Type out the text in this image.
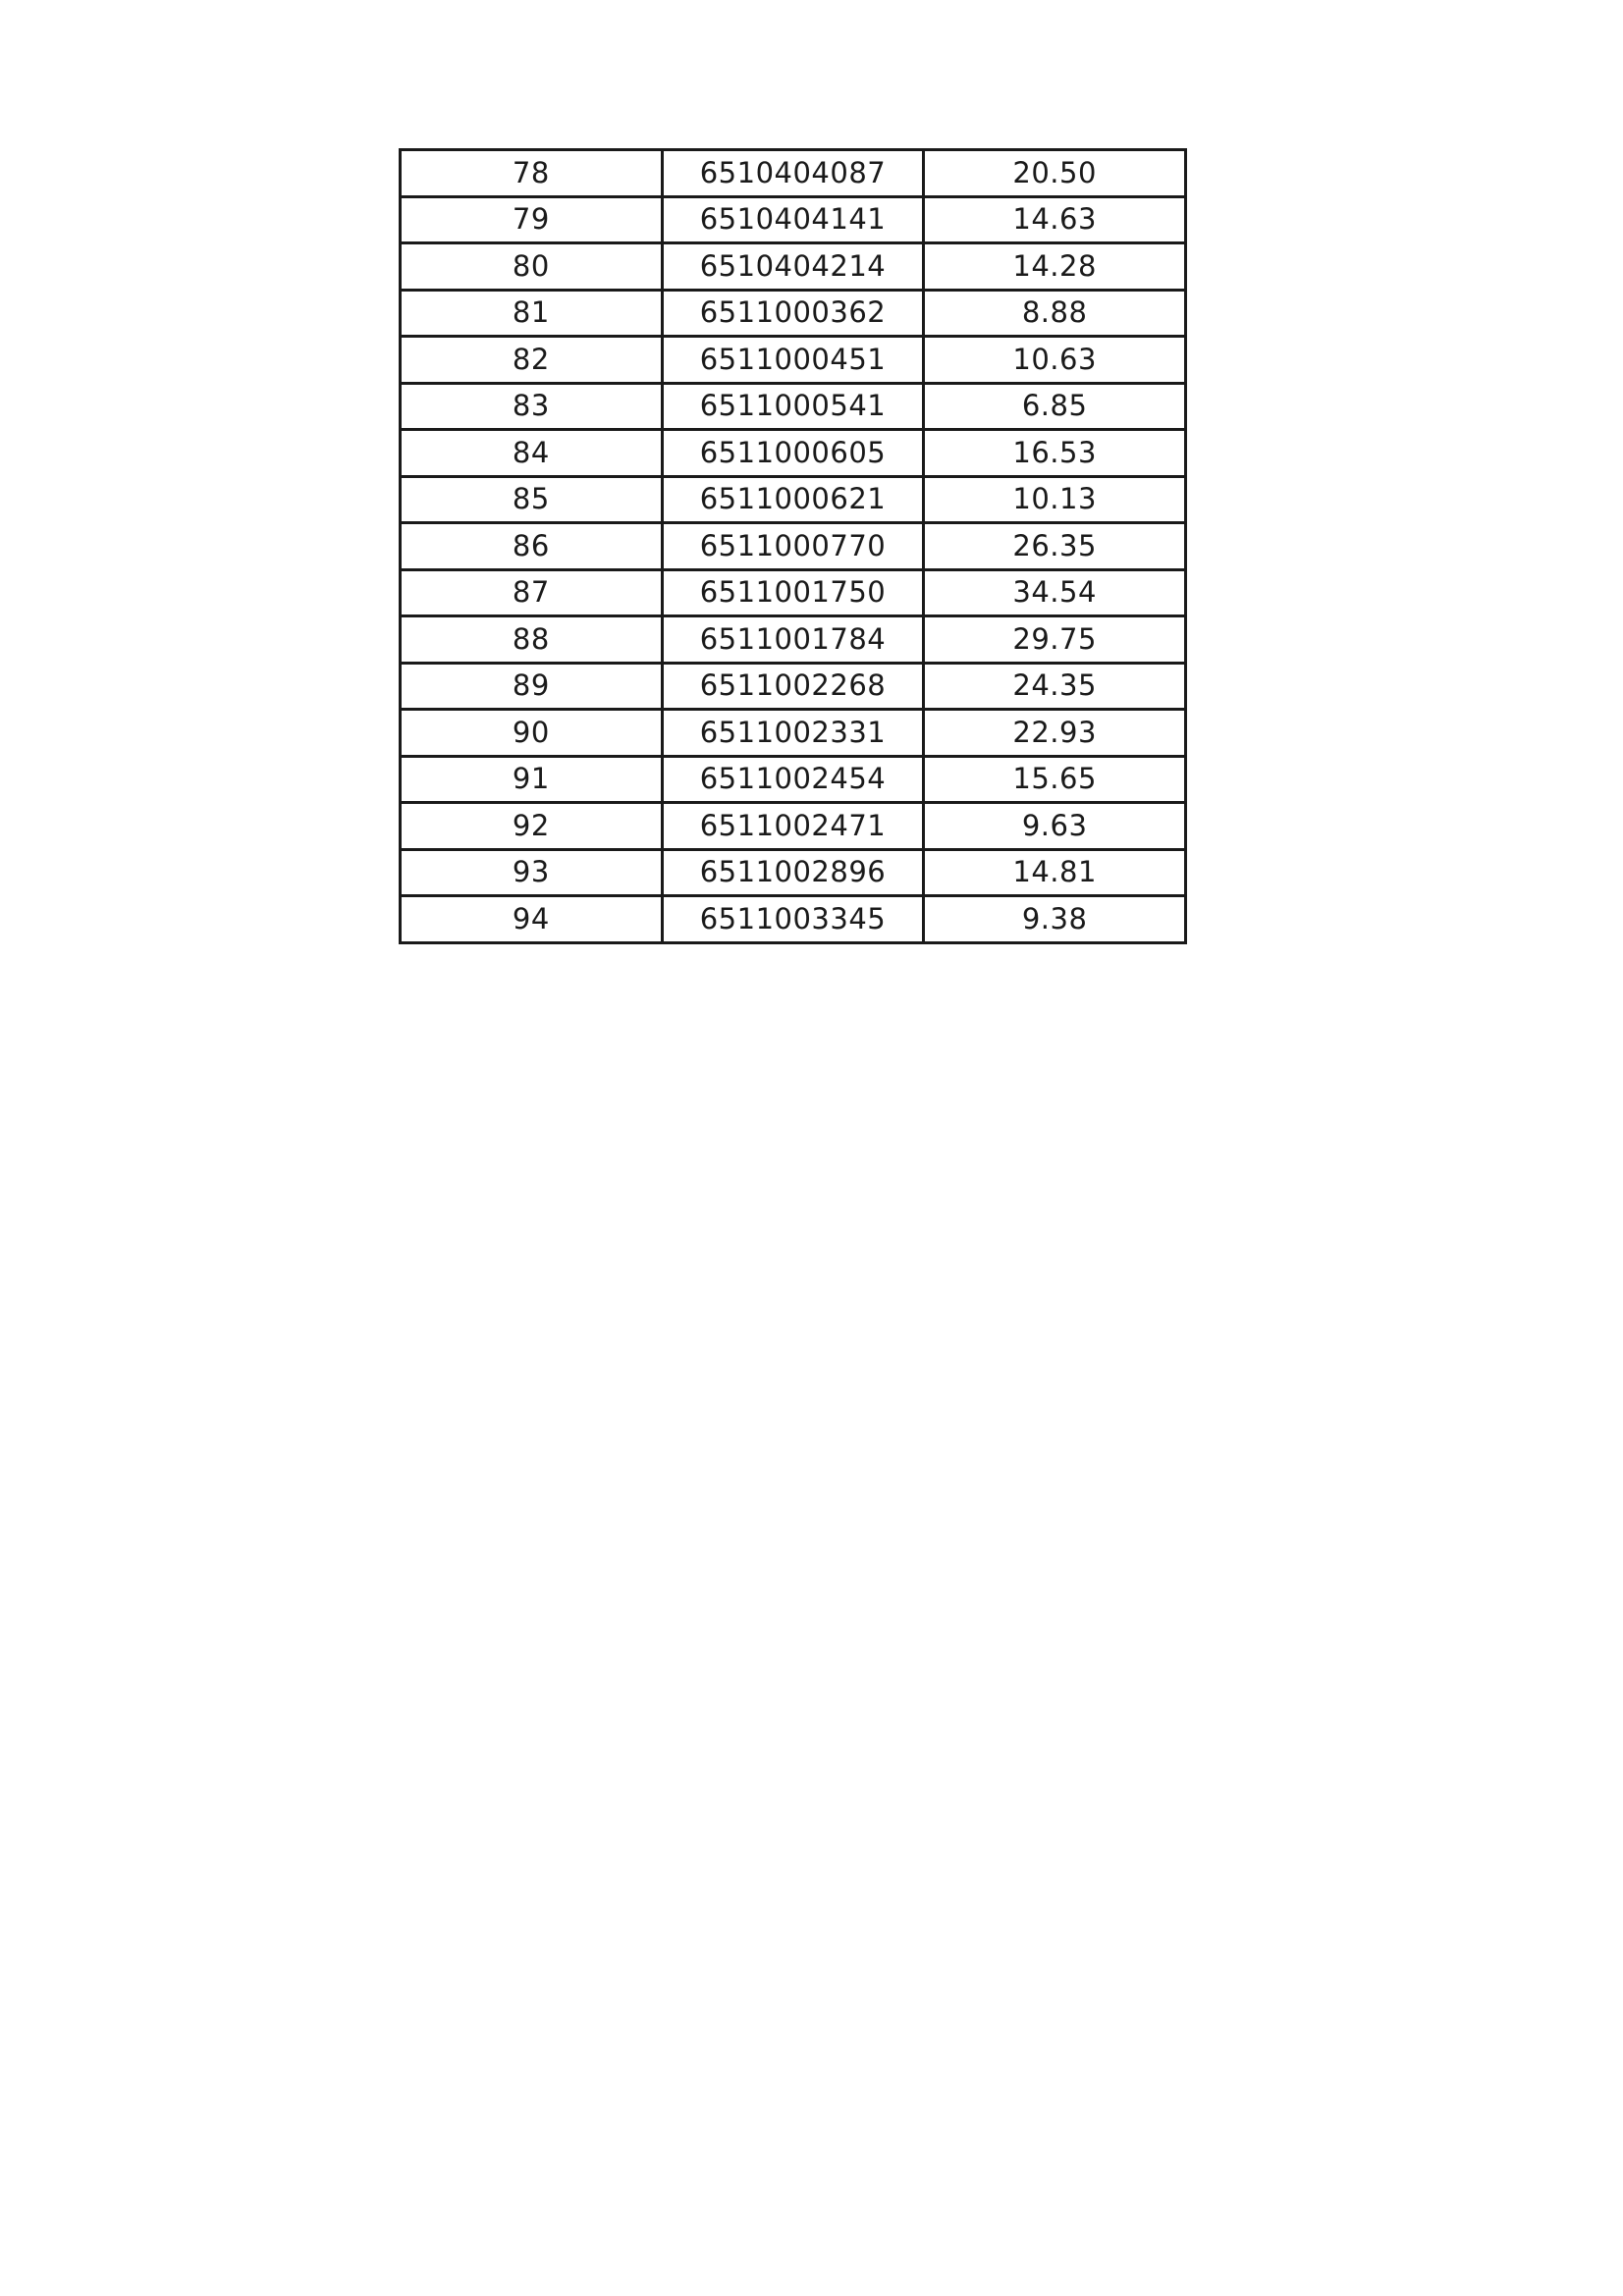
78	6510404087	20.50
79	6510404141	14.63
80	6510404214	14.28
81	6511000362	8.88
82	6511000451	10.63
83	6511000541	6.85
84	6511000605	16.53
85	6511000621	10.13
86	6511000770	26.35
87	6511001750	34.54
88	6511001784	29.75
89	6511002268	24.35
90	6511002331	22.93
91	6511002454	15.65
92	6511002471	9.63
93	6511002896	14.81
94	6511003345	9.38
